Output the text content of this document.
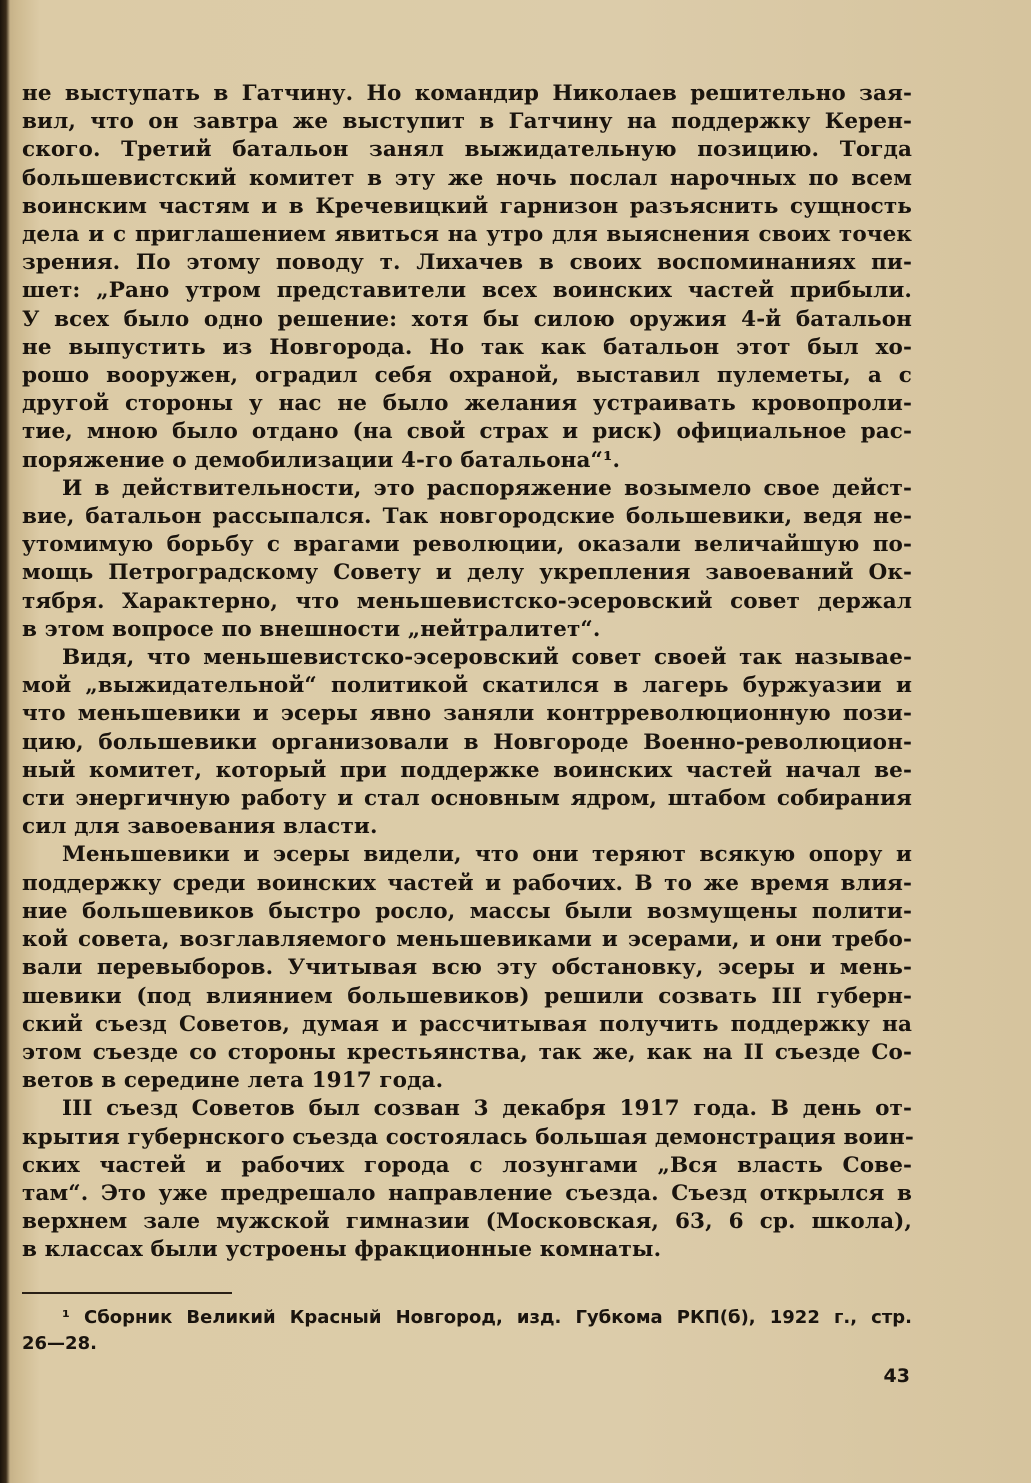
не выступать в Гатчину. Но командир Николаев решительно зая-
вил, что он завтра же выступит в Гатчину на поддержку Керен-
ского. Третий батальон занял выжидательную позицию. Тогда
большевистский комитет в эту же ночь послал нарочных по всем
воинским частям и в Кречевицкий гарнизон разъяснить сущность
дела и с приглашением явиться на утро для выяснения своих точек
зрения. По этому поводу т. Лихачев в своих воспоминаниях пи-
шет: „Рано утром представители всех воинских частей прибыли.
У всех было одно решение: хотя бы силою оружия 4-й батальон
не выпустить из Новгорода. Но так как батальон этот был хо-
рошо вооружен, оградил себя охраной, выставил пулеметы, а с
другой стороны у нас не было желания устраивать кровопроли-
тие, мною было отдано (на свой страх и риск) официальное рас-
поряжение о демобилизации 4-го батальона“¹.

И в действительности, это распоряжение возымело свое дейст-
вие, батальон рассыпался. Так новгородские большевики, ведя не-
утомимую борьбу с врагами революции, оказали величайшую по-
мощь Петроградскому Совету и делу укрепления завоеваний Ок-
тября. Характерно, что меньшевистско-эсеровский совет держал
в этом вопросе по внешности „нейтралитет“.

Видя, что меньшевистско-эсеровский совет своей так называе-
мой „выжидательной“ политикой скатился в лагерь буржуазии и
что меньшевики и эсеры явно заняли контрреволюционную пози-
цию, большевики организовали в Новгороде Военно-революцион-
ный комитет, который при поддержке воинских частей начал ве-
сти энергичную работу и стал основным ядром, штабом собирания
сил для завоевания власти.

Меньшевики и эсеры видели, что они теряют всякую опору и
поддержку среди воинских частей и рабочих. В то же время влия-
ние большевиков быстро росло, массы были возмущены полити-
кой совета, возглавляемого меньшевиками и эсерами, и они требо-
вали перевыборов. Учитывая всю эту обстановку, эсеры и мень-
шевики (под влиянием большевиков) решили созвать III губерн-
ский съезд Советов, думая и рассчитывая получить поддержку на
этом съезде со стороны крестьянства, так же, как на II съезде Со-
ветов в середине лета 1917 года.

III съезд Советов был созван 3 декабря 1917 года. В день от-
крытия губернского съезда состоялась большая демонстрация воин-
ских частей и рабочих города с лозунгами „Вся власть Сове-
там“. Это уже предрешало направление съезда. Съезд открылся в
верхнем зале мужской гимназии (Московская, 63, 6 ср. школа),
в классах были устроены фракционные комнаты.

¹ Сборник Великий Красный Новгород, изд. Губкома РКП(б), 1922 г., стр.
26—28.
43
